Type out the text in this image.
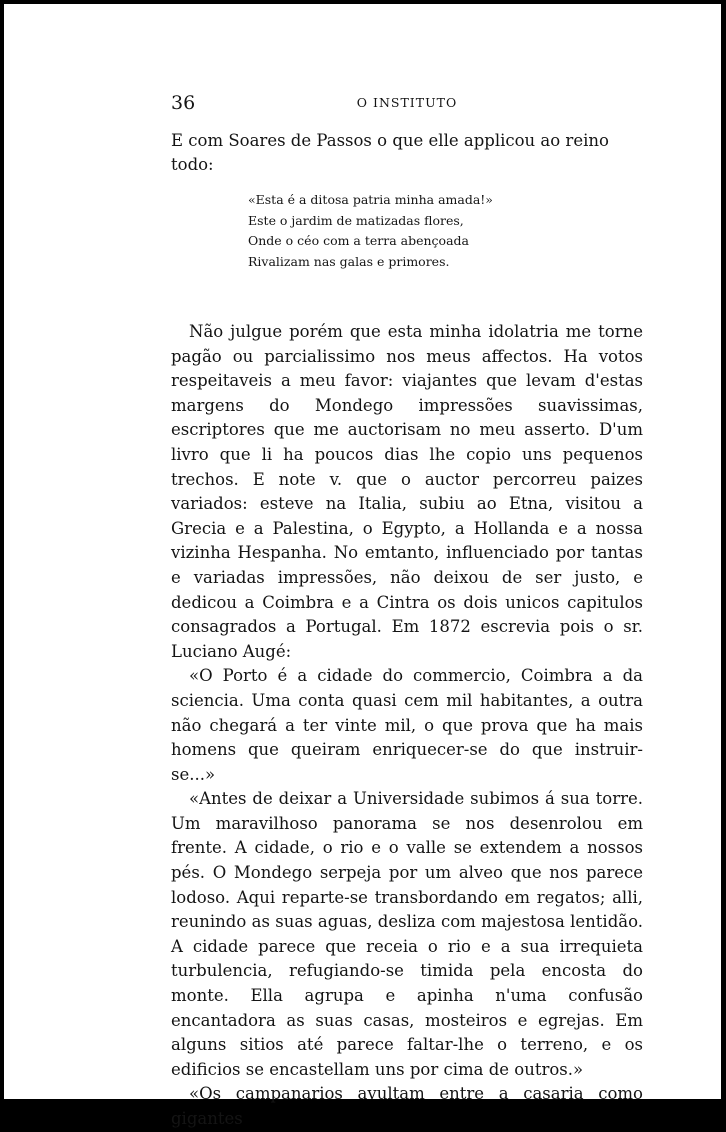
36	O INSTITUTO
E com Soares de Passos o que elle applicou ao reino todo:
«Esta é a ditosa patria minha amada!»
Este o jardim de matizadas flores,
Onde o céo com a terra abençoada
Rivalizam nas galas e primores.

Não julgue porém que esta minha idolatria me torne pagão ou parcialissimo nos meus affectos. Ha votos respeitaveis a meu favor: viajantes que levam d'estas margens do Mondego impressões suavissimas, escriptores que me auctorisam no meu asserto. D'um livro que li ha poucos dias lhe copio uns pequenos trechos. E note v. que o auctor percorreu paizes variados: esteve na Italia, subiu ao Etna, visitou a Grecia e a Palestina, o Egypto, a Hollanda e a nossa vizinha Hespanha. No emtanto, influenciado por tantas e variadas impressões, não deixou de ser justo, e dedicou a Coimbra e a Cintra os dois unicos capitulos consagrados a Portugal. Em 1872 escrevia pois o sr. Luciano Augé:

«O Porto é a cidade do commercio, Coimbra a da sciencia. Uma conta quasi cem mil habitantes, a outra não chegará a ter vinte mil, o que prova que ha mais homens que queiram enriquecer-se do que instruir-se...»

«Antes de deixar a Universidade subimos á sua torre. Um maravilhoso panorama se nos desenrolou em frente. A cidade, o rio e o valle se extendem a nossos pés. O Mondego serpeja por um alveo que nos parece lodoso. Aqui reparte-se transbordando em regatos; alli, reunindo as suas aguas, desliza com majestosa lentidão. A cidade parece que receia o rio e a sua irrequieta turbulencia, refugiando-se timida pela encosta do monte. Ella agrupa e apinha n'uma confusão encantadora as suas casas, mosteiros e egrejas. Em alguns sitios até parece faltar-lhe o terreno, e os edificios se encastellam uns por cima de outros.»

«Os campanarios avultam entre a casaria como gigantes
